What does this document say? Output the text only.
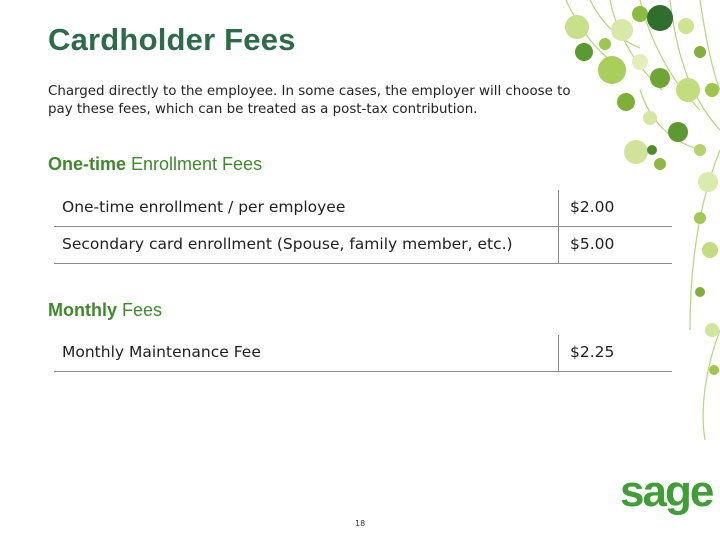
Cardholder Fees
Charged directly to the employee. In some cases, the employer will choose to pay these fees, which can be treated as a post-tax contribution.
One-time Enrollment Fees
One-time enrollment / per employee	$2.00
Secondary card enrollment (Spouse, family member, etc.)	$5.00
Monthly Fees
Monthly Maintenance Fee	$2.25
18
sage
